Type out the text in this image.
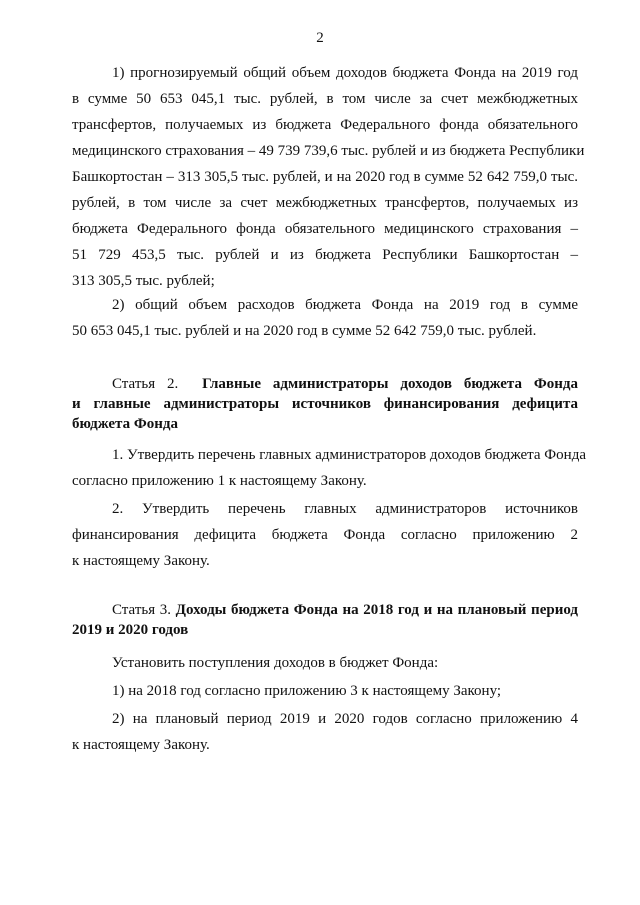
2
1) прогнозируемый общий объем доходов бюджета Фонда на 2019 год
в сумме 50 653 045,1 тыс. рублей, в том числе за счет межбюджетных
трансфертов, получаемых из бюджета Федерального фонда обязательного
медицинского страхования – 49 739 739,6 тыс. рублей и из бюджета Республики
Башкортостан – 313 305,5 тыс. рублей, и на 2020 год в сумме 52 642 759,0 тыс.
рублей, в том числе за счет межбюджетных трансфертов, получаемых из
бюджета Федерального фонда обязательного медицинского страхования –
51 729 453,5 тыс. рублей и из бюджета Республики Башкортостан –
313 305,5 тыс. рублей;
2) общий объем расходов бюджета Фонда на 2019 год в сумме
50 653 045,1 тыс. рублей и на 2020 год в сумме 52 642 759,0 тыс. рублей.
Статья 2. Главные администраторы доходов бюджета Фонда
и главные администраторы источников финансирования дефицита
бюджета Фонда
1. Утвердить перечень главных администраторов доходов бюджета Фонда
согласно приложению 1 к настоящему Закону.
2. Утвердить перечень главных администраторов источников
финансирования дефицита бюджета Фонда согласно приложению 2
к настоящему Закону.
Статья 3. Доходы бюджета Фонда на 2018 год и на плановый период
2019 и 2020 годов
Установить поступления доходов в бюджет Фонда:
1) на 2018 год согласно приложению 3 к настоящему Закону;
2) на плановый период 2019 и 2020 годов согласно приложению 4
к настоящему Закону.
